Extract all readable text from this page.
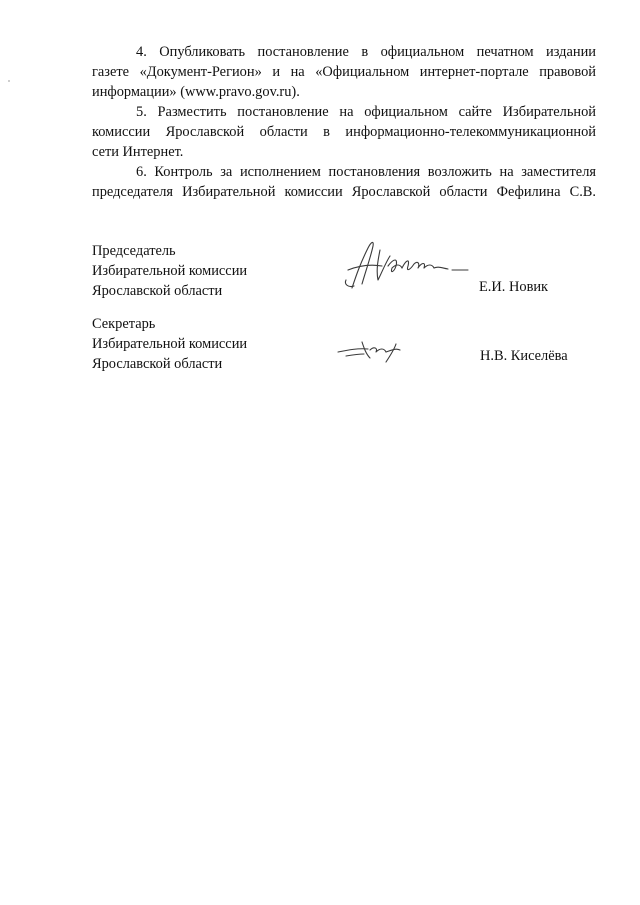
4. Опубликовать постановление в официальном печатном издании
газете «Документ-Регион» и на «Официальном интернет-портале правовой
информации» (www.pravo.gov.ru).
5. Разместить постановление на официальном сайте Избирательной
комиссии Ярославской области в информационно-телекоммуникационной
сети Интернет.
6. Контроль за исполнением постановления возложить на заместителя
председателя Избирательной комиссии Ярославской области Фефилина С.В.
Председатель
Избирательной комиссии
Ярославской области	Е.И. Новик
Секретарь
Избирательной комиссии
Ярославской области	Н.В. Киселёва
